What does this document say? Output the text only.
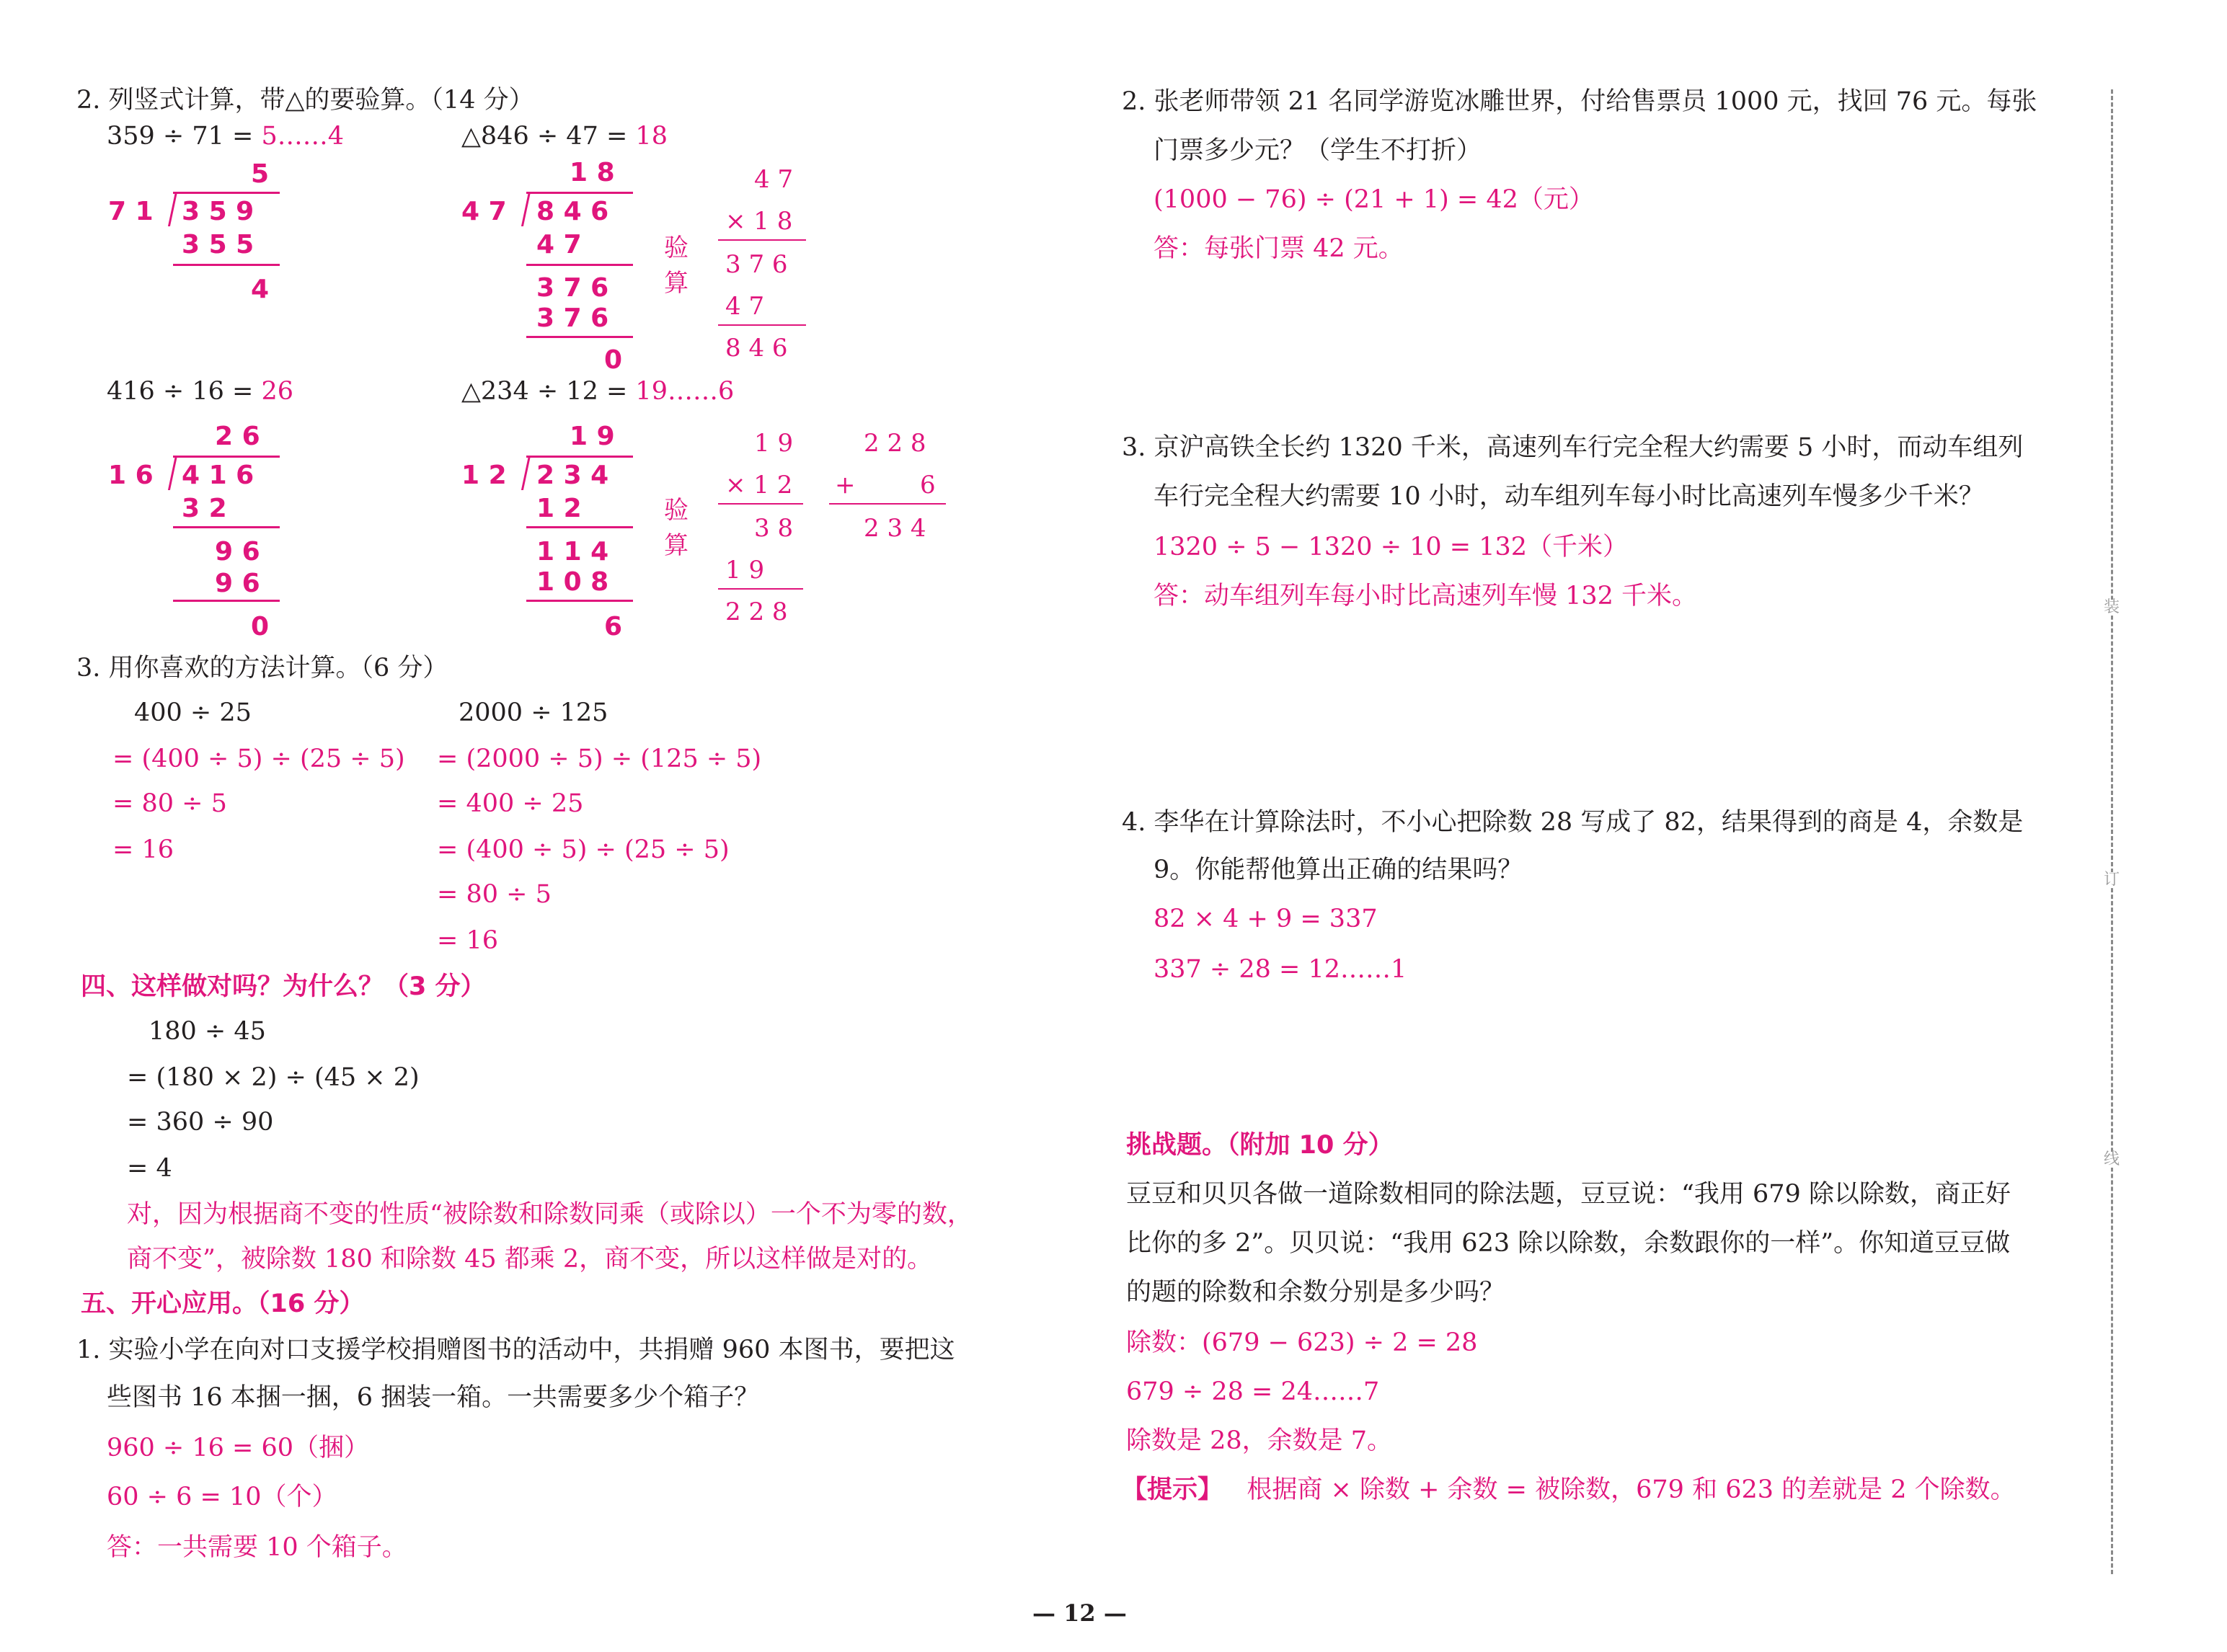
2. 列竖式计算，带△的要验算。（14 分）
359 ÷ 71 = 5……4
5
7 1 3 5 9
3 5 5
4
△846 ÷ 47 = 18
1 8
4 7 8 4 6
4 7
3 7 6
3 7 6
0
验算
4 7
× 1 8
3 7 6
4 7
8 4 6
416 ÷ 16 = 26
2 6
1 6 4 1 6
3 2
9 6
9 6
0
△234 ÷ 12 = 19……6
1 9
1 2 2 3 4
1 2
1 1 4
1 0 8
6
验算
1 9
× 1 2
3 8
1 9
2 2 8
2 2 8
+	6
2 3 4
3. 用你喜欢的方法计算。（6 分）
400 ÷ 25
= (400 ÷ 5) ÷ (25 ÷ 5)
= 80 ÷ 5
= 16
2000 ÷ 125
= (2000 ÷ 5) ÷ (125 ÷ 5)
= 400 ÷ 25
= (400 ÷ 5) ÷ (25 ÷ 5)
= 80 ÷ 5
= 16
四、这样做对吗？为什么？（3 分）
180 ÷ 45
= (180 × 2) ÷ (45 × 2)
= 360 ÷ 90
= 4
对，因为根据商不变的性质“被除数和除数同乘（或除以）一个不为零的数，
商不变”，被除数 180 和除数 45 都乘 2，商不变，所以这样做是对的。
五、开心应用。（16 分）
1. 实验小学在向对口支援学校捐赠图书的活动中，共捐赠 960 本图书，要把这
些图书 16 本捆一捆，6 捆装一箱。一共需要多少个箱子？
960 ÷ 16 = 60（捆）
60 ÷ 6 = 10（个）
答：一共需要 10 个箱子。
2. 张老师带领 21 名同学游览冰雕世界，付给售票员 1000 元，找回 76 元。每张
门票多少元？（学生不打折）
(1000 − 76) ÷ (21 + 1) = 42（元）
答：每张门票 42 元。
3. 京沪高铁全长约 1320 千米，高速列车行完全程大约需要 5 小时，而动车组列
车行完全程大约需要 10 小时，动车组列车每小时比高速列车慢多少千米？
1320 ÷ 5 − 1320 ÷ 10 = 132（千米）
答：动车组列车每小时比高速列车慢 132 千米。
4. 李华在计算除法时，不小心把除数 28 写成了 82，结果得到的商是 4，余数是
9。你能帮他算出正确的结果吗？
82 × 4 + 9 = 337
337 ÷ 28 = 12……1
挑战题。（附加 10 分）
豆豆和贝贝各做一道除数相同的除法题，豆豆说：“我用 679 除以除数，商正好
比你的多 2”。贝贝说：“我用 623 除以除数，余数跟你的一样”。你知道豆豆做
的题的除数和余数分别是多少吗？
除数：(679 − 623) ÷ 2 = 28
679 ÷ 28 = 24……7
除数是 28，余数是 7。
【提示】 根据商 × 除数 + 余数 = 被除数，679 和 623 的差就是 2 个除数。
装
订
线
— 12 —
